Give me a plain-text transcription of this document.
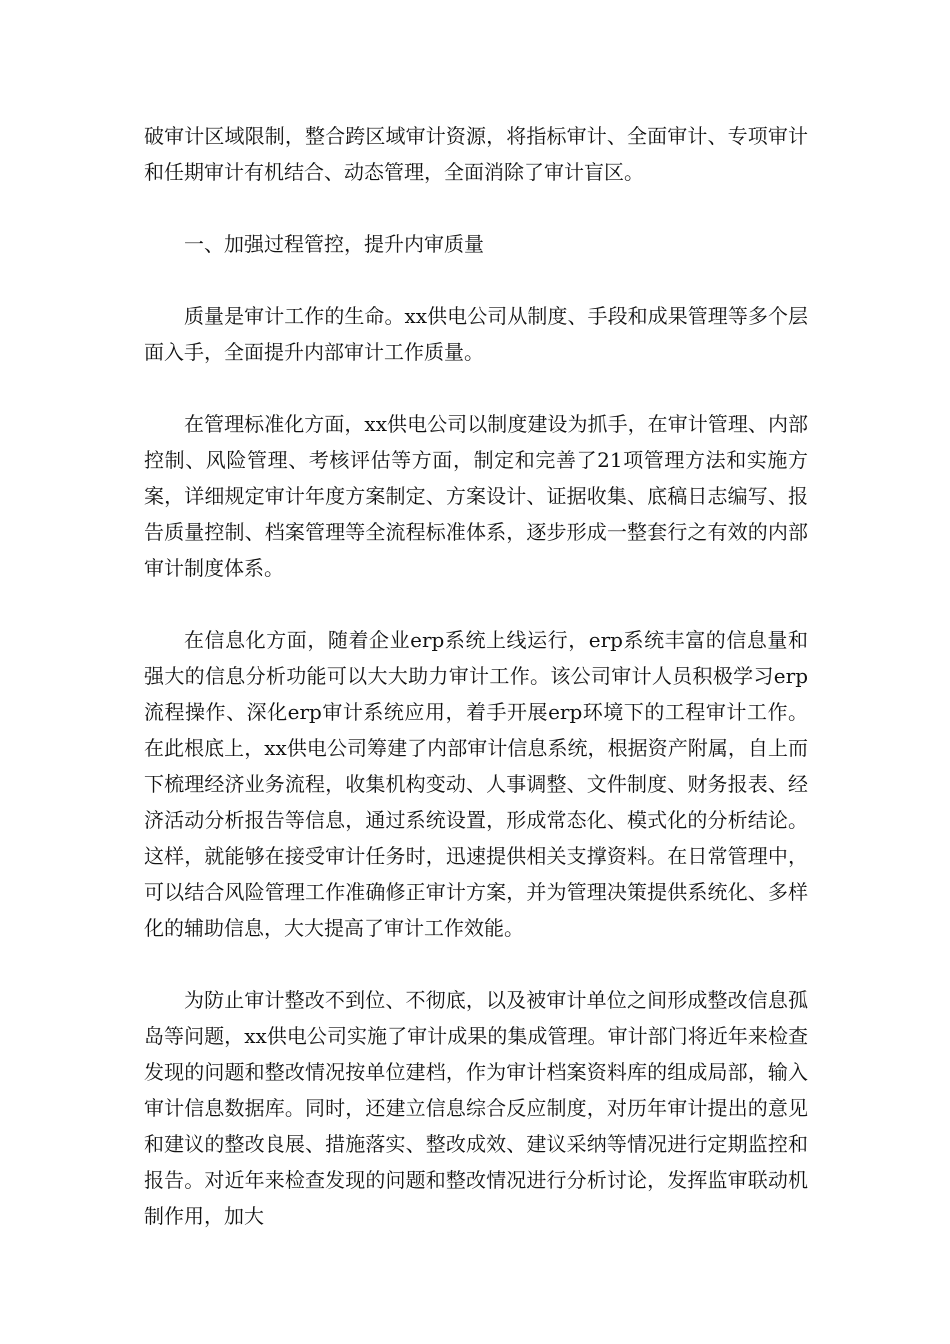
破审计区域限制，整合跨区域审计资源，将指标审计、全面审计、专项审计和任期审计有机结合、动态管理，全面消除了审计盲区。

一、加强过程管控，提升内审质量

质量是审计工作的生命。xx供电公司从制度、手段和成果管理等多个层面入手，全面提升内部审计工作质量。

在管理标准化方面，xx供电公司以制度建设为抓手，在审计管理、内部控制、风险管理、考核评估等方面，制定和完善了21项管理方法和实施方案，详细规定审计年度方案制定、方案设计、证据收集、底稿日志编写、报告质量控制、档案管理等全流程标准体系，逐步形成一整套行之有效的内部审计制度体系。

在信息化方面，随着企业erp系统上线运行，erp系统丰富的信息量和强大的信息分析功能可以大大助力审计工作。该公司审计人员积极学习erp流程操作、深化erp审计系统应用，着手开展erp环境下的工程审计工作。在此根底上，xx供电公司筹建了内部审计信息系统，根据资产附属，自上而下梳理经济业务流程，收集机构变动、人事调整、文件制度、财务报表、经济活动分析报告等信息，通过系统设置，形成常态化、模式化的分析结论。这样，就能够在接受审计任务时，迅速提供相关支撑资料。在日常管理中，可以结合风险管理工作准确修正审计方案，并为管理决策提供系统化、多样化的辅助信息，大大提高了审计工作效能。

为防止审计整改不到位、不彻底，以及被审计单位之间形成整改信息孤岛等问题，xx供电公司实施了审计成果的集成管理。审计部门将近年来检查发现的问题和整改情况按单位建档，作为审计档案资料库的组成局部，输入审计信息数据库。同时，还建立信息综合反应制度，对历年审计提出的意见和建议的整改良展、措施落实、整改成效、建议采纳等情况进行定期监控和报告。对近年来检查发现的问题和整改情况进行分析讨论，发挥监审联动机制作用，加大
